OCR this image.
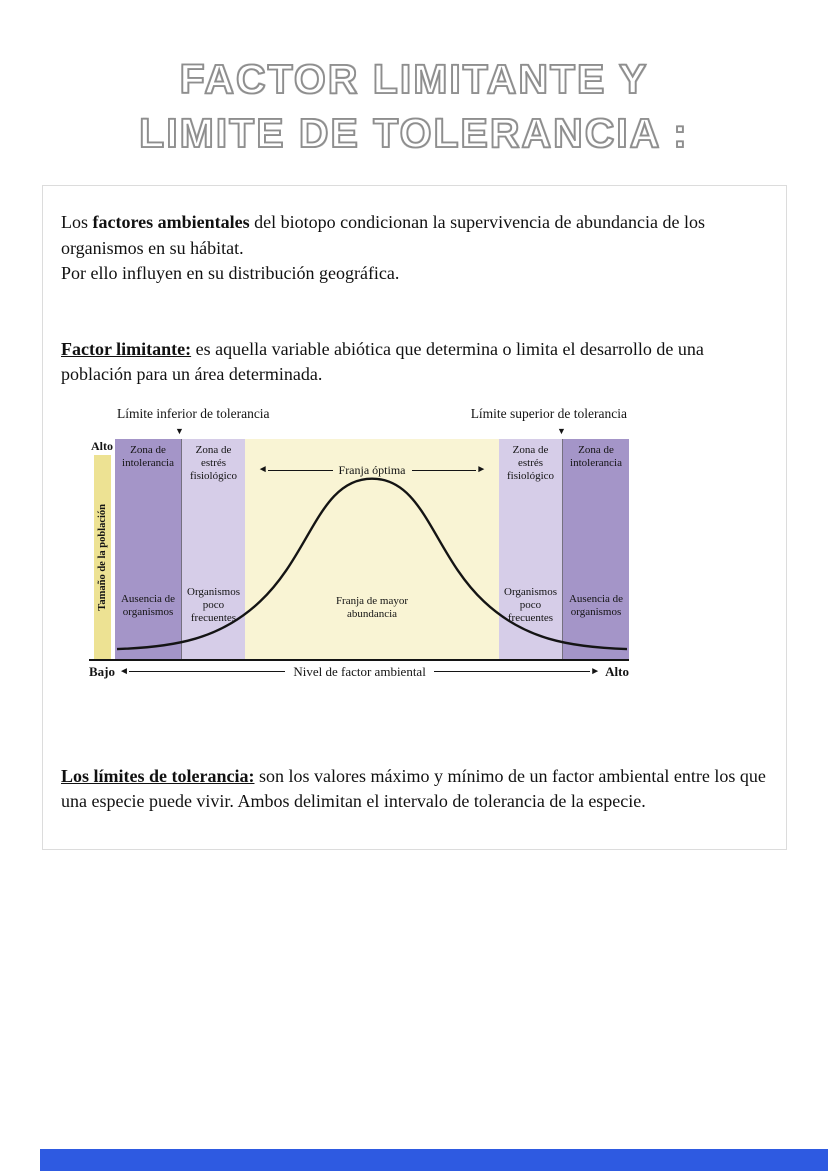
FACTOR LIMITANTE Y
LIMITE DE TOLERANCIA :

Los factores ambientales del biotopo condicionan la supervivencia de abundancia de los organismos en su hábitat.
Por ello influyen en su distribución geográfica.

Factor limitante: es aquella variable abiótica que determina o limita el desarrollo de una población para un área determinada.

Límite inferior de tolerancia	Límite superior de tolerancia
▼	▼
Alto
Tamaño de la población
Zona de intolerancia
Ausencia de organismos
Zona de estrés fisiológico
Organismos poco frecuentes
◄	Franja óptima	►
Franja de mayor abundancia
Zona de estrés fisiológico
Organismos poco frecuentes
Zona de intolerancia
Ausencia de organismos
Bajo ◄	Nivel de factor ambiental	► Alto

Los límites de tolerancia: son los valores máximo y mínimo de un factor ambiental entre los que una especie puede vivir. Ambos delimitan el intervalo de tolerancia de la especie.
